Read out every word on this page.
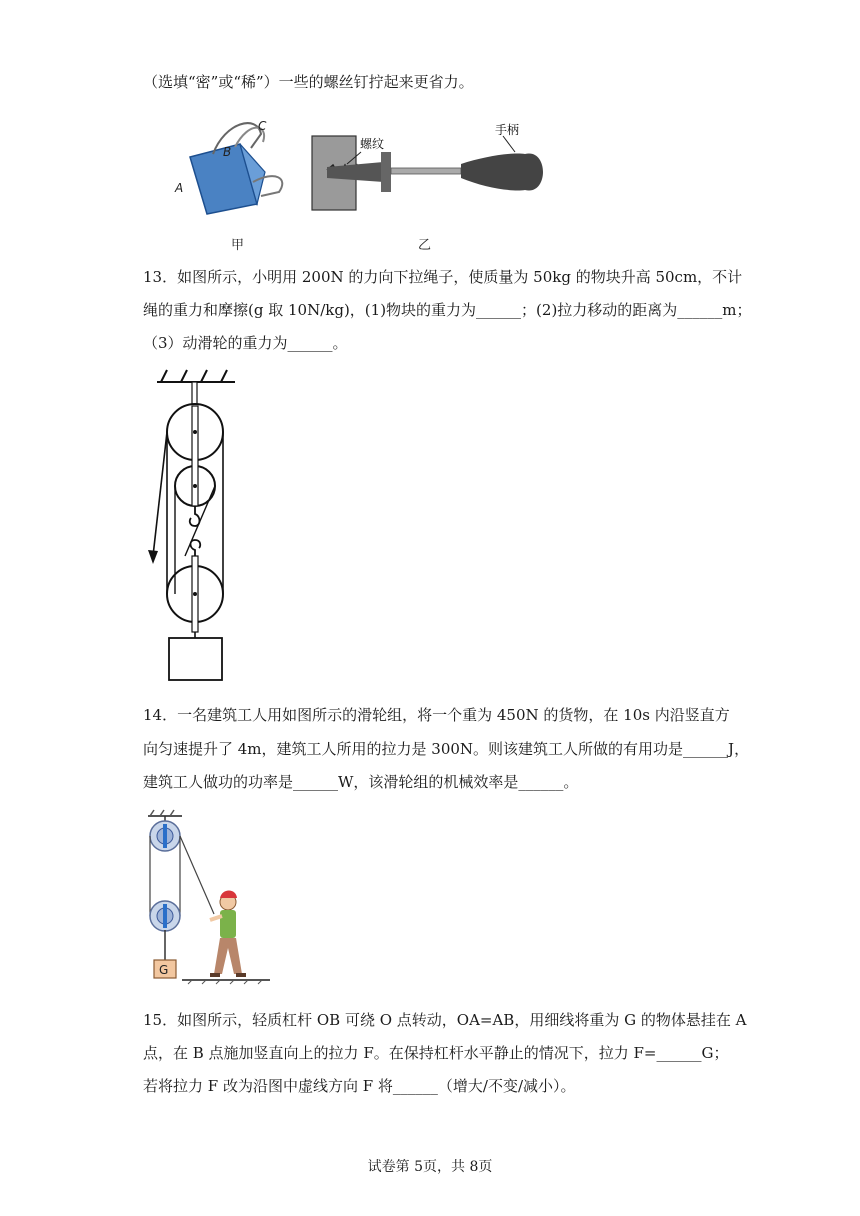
（选填“密”或“稀”）一些的螺丝钉拧起来更省力。
A
B
C
螺纹
手柄
甲	乙
13．如图所示，小明用 200N 的力向下拉绳子，使质量为 50kg 的物块升高 50cm，不计
绳的重力和摩擦(g 取 10N/kg)，(1)物块的重力为______；(2)拉力移动的距离为______m；
（3）动滑轮的重力为______。
14．一名建筑工人用如图所示的滑轮组，将一个重为 450N 的货物，在 10s 内沿竖直方
向匀速提升了 4m，建筑工人所用的拉力是 300N。则该建筑工人所做的有用功是______J，
建筑工人做功的功率是______W，该滑轮组的机械效率是______。
G
15．如图所示，轻质杠杆 OB 可绕 O 点转动，OA=AB，用细线将重为 G 的物体悬挂在 A
点，在 B 点施加竖直向上的拉力 F。在保持杠杆水平静止的情况下，拉力 F=______G；
若将拉力 F 改为沿图中虚线方向 F 将______（增大/不变/减小）。
试卷第 5页，共 8页
